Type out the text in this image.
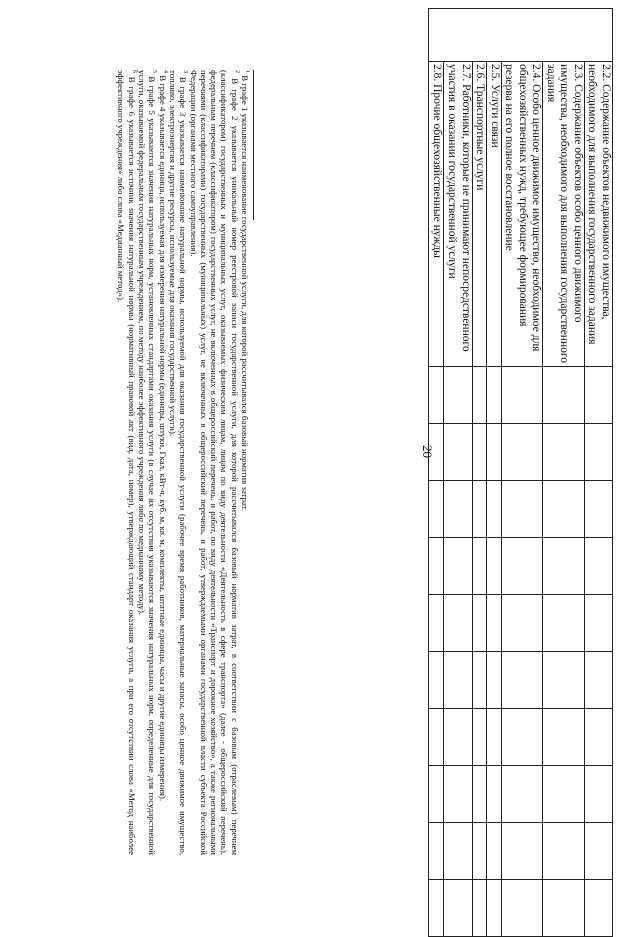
20
	2.2. Содержание объектов недвижимого имущества, необходимого для выполнения государственного задания											
	2.3. Содержание объектов особо ценного движимого имущества, необходимого для выполнения государственного задания											
	2.4. Особо ценное движимое имущество, необходимое для общехозяйственных нужд, требующее формирования резерва на его полное восстановление											
	2.5. Услуги связи											
	2.6. Транспортные услуги											
	2.7. Работники, которые не принимают непосредственного участия в оказании государственной услуги											
	2.8. Прочие общехозяйственные нужды											

$^1$ В графе 1 указывается наименование государственной услуги, для которой рассчитывался базовый норматив затрат.

$^2$ В графе 2 указывается уникальный номер реестровой записи государственной услуги, для которой рассчитывался базовый норматив затрат, в соответствии с базовым (отраслевым) перечнем (классификатором) государственных и муниципальных услуг, оказываемых физическим лицам, лицам по виду деятельности «Деятельность в сфере транспорта» (далее - общероссийский перечень), федеральным перечнем (классификатором) государственных услуг, не включенных в общероссийский перечень, и работ, по виду деятельности «Транспорт и дорожное хозяйство», а также региональными перечнями (классификаторами) государственных (муниципальных) услуг, не включенных в общероссийский перечень, и работ, утверждаемыми органами государственной власти субъекта Российской Федерации (органами местного самоуправления).

$^3$ В графе 3 указывается наименование натуральной нормы, используемой для оказания государственной услуги (рабочее время работников, материальные запасы, особо ценное движимое имущество, топливо, электроэнергия и другие ресурсы, используемые для оказания государственной услуги).

$^4$ В графе 4 указывается единица, используемая для измерения натуральной нормы (единицы, штуки, Гкал, кВт-ч, куб. м, кв. м, комплекты, штатные единицы, часы и другие единицы измерения).

$^5$ В графе 5 указываются значения натуральных норм, установленных стандартами оказания услуги (в случае их отсутствия указываются значения натуральных норм, определенные для государственной услуги, оказываемой федеральным государственным учреждением, по методу наиболее эффективного учреждения либо по медианному методу).

$^6$ В графе 6 указывается источник значения натуральной нормы (нормативный правовой акт (вид, дата, номер), утверждающий стандарт оказания услуги, а при его отсутствии слова «Метод наиболее эффективного учреждения» либо слова «Медианный метод»).
